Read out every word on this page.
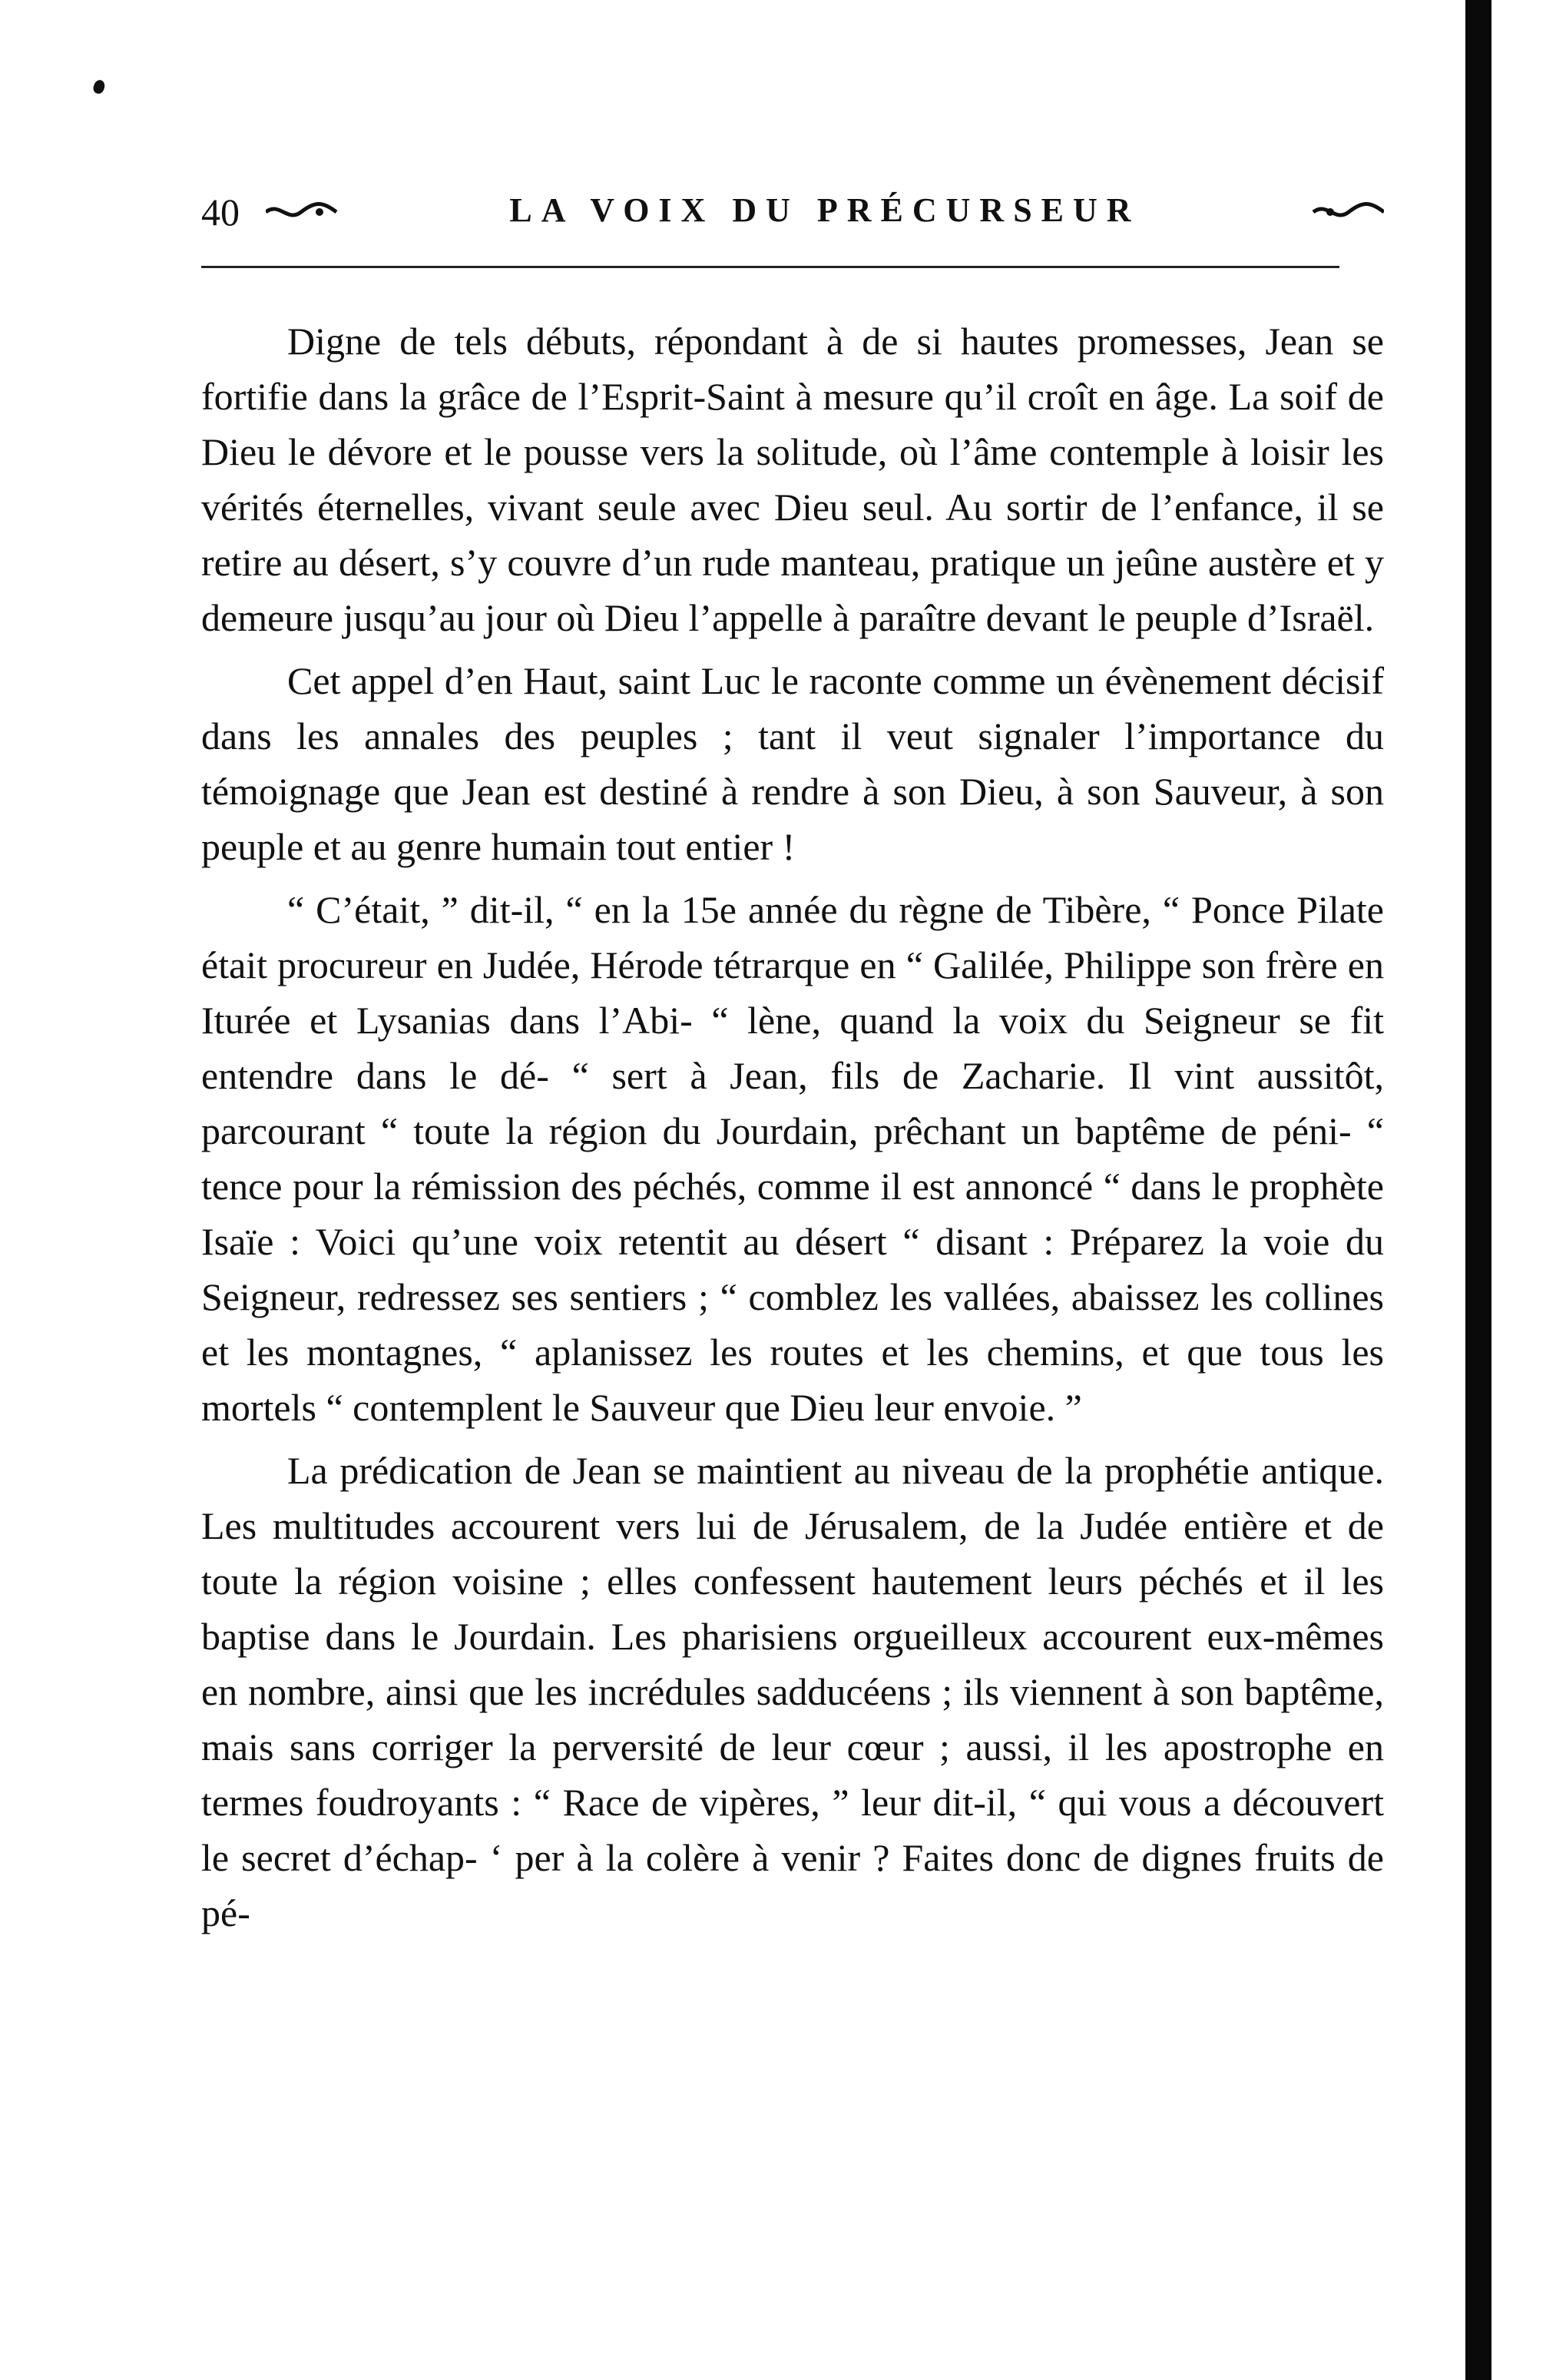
40	LA VOIX DU PRÉCURSEUR

Digne de tels débuts, répondant à de si hautes promesses, Jean se fortifie dans la grâce de l’Esprit-Saint à mesure qu’il croît en âge. La soif de Dieu le dévore et le pousse vers la solitude, où l’âme contemple à loisir les vérités éternelles, vivant seule avec Dieu seul. Au sortir de l’enfance, il se retire au désert, s’y couvre d’un rude manteau, pratique un jeûne austère et y demeure jusqu’au jour où Dieu l’appelle à paraître devant le peuple d’Israël.

Cet appel d’en Haut, saint Luc le raconte comme un évènement décisif dans les annales des peuples ; tant il veut signaler l’importance du témoignage que Jean est destiné à rendre à son Dieu, à son Sauveur, à son peuple et au genre humain tout entier !

“ C’était, ” dit-il, “ en la 15e année du règne de Tibère, “ Ponce Pilate était procureur en Judée, Hérode tétrarque en “ Galilée, Philippe son frère en Iturée et Lysanias dans l’Abi- “ lène, quand la voix du Seigneur se fit entendre dans le dé- “ sert à Jean, fils de Zacharie. Il vint aussitôt, parcourant “ toute la région du Jourdain, prêchant un baptême de péni- “ tence pour la rémission des péchés, comme il est annoncé “ dans le prophète Isaïe : Voici qu’une voix retentit au désert “ disant : Préparez la voie du Seigneur, redressez ses sentiers ; “ comblez les vallées, abaissez les collines et les montagnes, “ aplanissez les routes et les chemins, et que tous les mortels “ contemplent le Sauveur que Dieu leur envoie. ”

La prédication de Jean se maintient au niveau de la prophétie antique. Les multitudes accourent vers lui de Jérusalem, de la Judée entière et de toute la région voisine ; elles confessent hautement leurs péchés et il les baptise dans le Jourdain. Les pharisiens orgueilleux accourent eux-mêmes en nombre, ainsi que les incrédules sadducéens ; ils viennent à son baptême, mais sans corriger la perversité de leur cœur ; aussi, il les apostrophe en termes foudroyants : “ Race de vipères, ” leur dit-il, “ qui vous a découvert le secret d’échap- ‘ per à la colère à venir ? Faites donc de dignes fruits de pé-
